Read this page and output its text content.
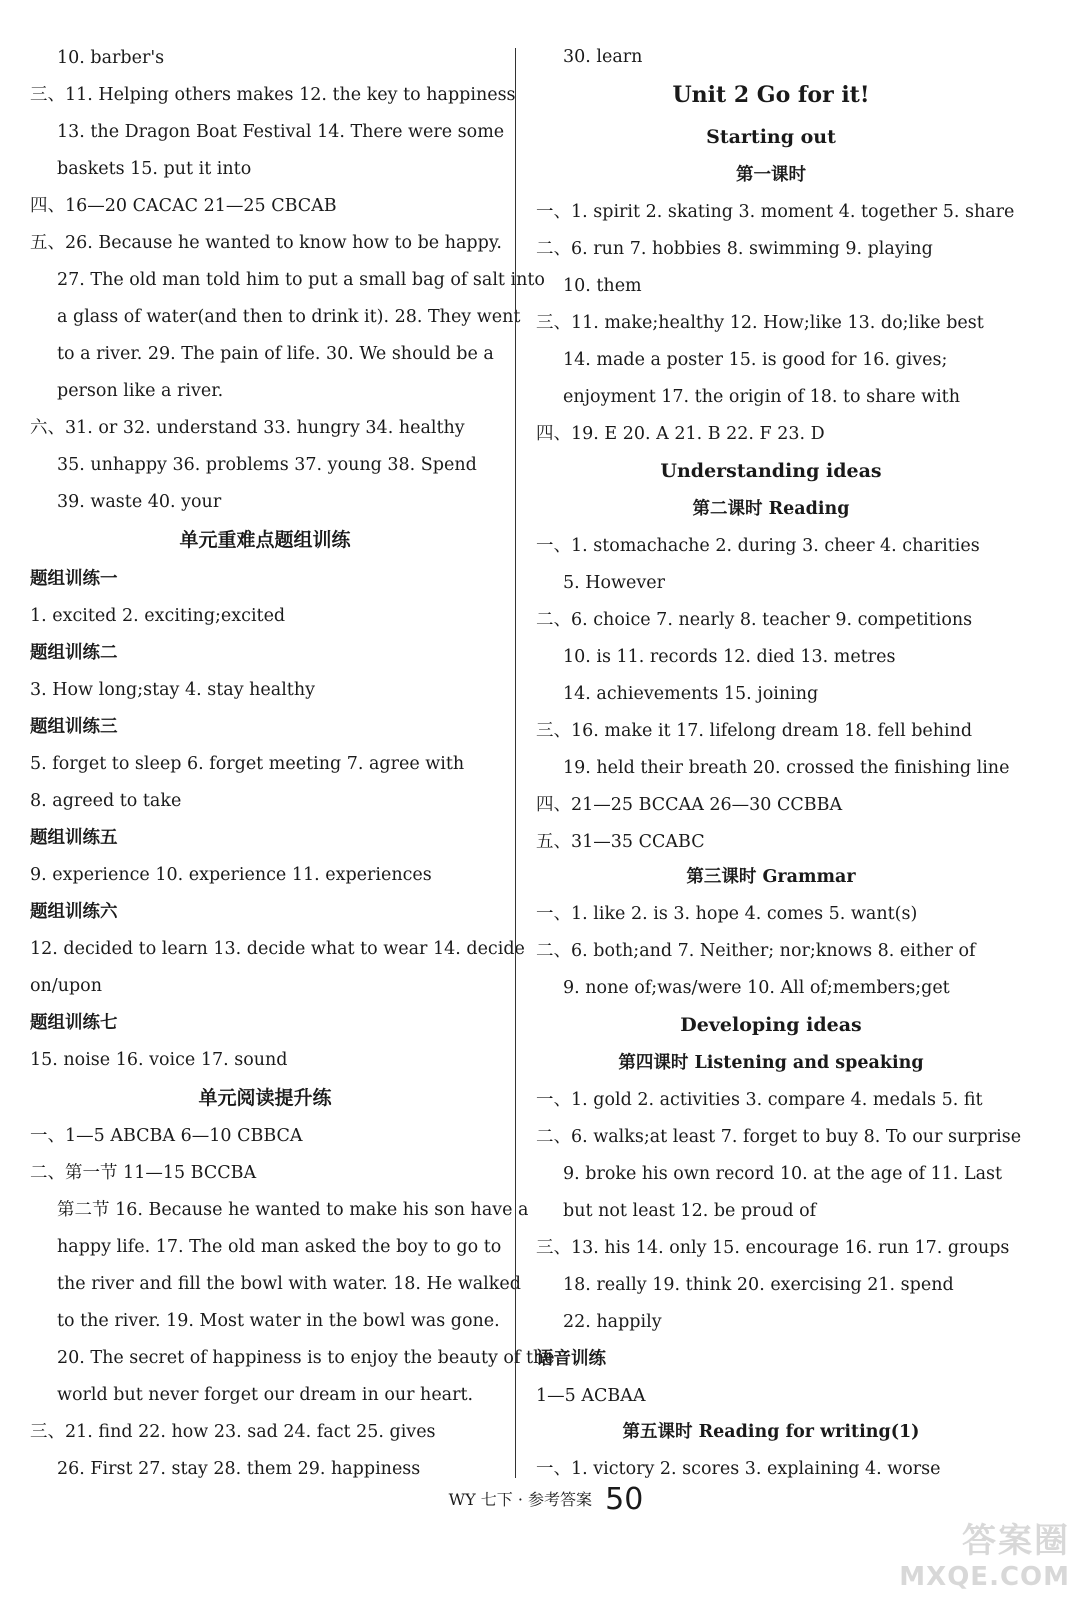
10. barber's
三、11. Helping others makes 12. the key to happiness
13. the Dragon Boat Festival 14. There were some
baskets 15. put it into
四、16—20 CACAC 21—25 CBCAB
五、26. Because he wanted to know how to be happy.
27. The old man told him to put a small bag of salt into
a glass of water(and then to drink it). 28. They went
to a river. 29. The pain of life. 30. We should be a
person like a river.
六、31. or 32. understand 33. hungry 34. healthy
35. unhappy 36. problems 37. young 38. Spend
39. waste 40. your
单元重难点题组训练
题组训练一
1. excited 2. exciting;excited
题组训练二
3. How long;stay 4. stay healthy
题组训练三
5. forget to sleep 6. forget meeting 7. agree with
8. agreed to take
题组训练五
9. experience 10. experience 11. experiences
题组训练六
12. decided to learn 13. decide what to wear 14. decide
on/upon
题组训练七
15. noise 16. voice 17. sound
单元阅读提升练
一、1—5 ABCBA 6—10 CBBCA
二、第一节 11—15 BCCBA
第二节 16. Because he wanted to make his son have a
happy life. 17. The old man asked the boy to go to
the river and fill the bowl with water. 18. He walked
to the river. 19. Most water in the bowl was gone.
20. The secret of happiness is to enjoy the beauty of the
world but never forget our dream in our heart.
三、21. find 22. how 23. sad 24. fact 25. gives
26. First 27. stay 28. them 29. happiness
30. learn
Unit 2 Go for it!
Starting out
第一课时
一、1. spirit 2. skating 3. moment 4. together 5. share
二、6. run 7. hobbies 8. swimming 9. playing
10. them
三、11. make;healthy 12. How;like 13. do;like best
14. made a poster 15. is good for 16. gives;
enjoyment 17. the origin of 18. to share with
四、19. E 20. A 21. B 22. F 23. D
Understanding ideas
第二课时 Reading
一、1. stomachache 2. during 3. cheer 4. charities
5. However
二、6. choice 7. nearly 8. teacher 9. competitions
10. is 11. records 12. died 13. metres
14. achievements 15. joining
三、16. make it 17. lifelong dream 18. fell behind
19. held their breath 20. crossed the finishing line
四、21—25 BCCAA 26—30 CCBBA
五、31—35 CCABC
第三课时 Grammar
一、1. like 2. is 3. hope 4. comes 5. want(s)
二、6. both;and 7. Neither; nor;knows 8. either of
9. none of;was/were 10. All of;members;get
Developing ideas
第四课时 Listening and speaking
一、1. gold 2. activities 3. compare 4. medals 5. fit
二、6. walks;at least 7. forget to buy 8. To our surprise
9. broke his own record 10. at the age of 11. Last
but not least 12. be proud of
三、13. his 14. only 15. encourage 16. run 17. groups
18. really 19. think 20. exercising 21. spend
22. happily
语音训练
1—5 ACBAA
第五课时 Reading for writing(1)
一、1. victory 2. scores 3. explaining 4. worse
WY 七下 · 参考答案 50
答案圈
MXQE.COM
